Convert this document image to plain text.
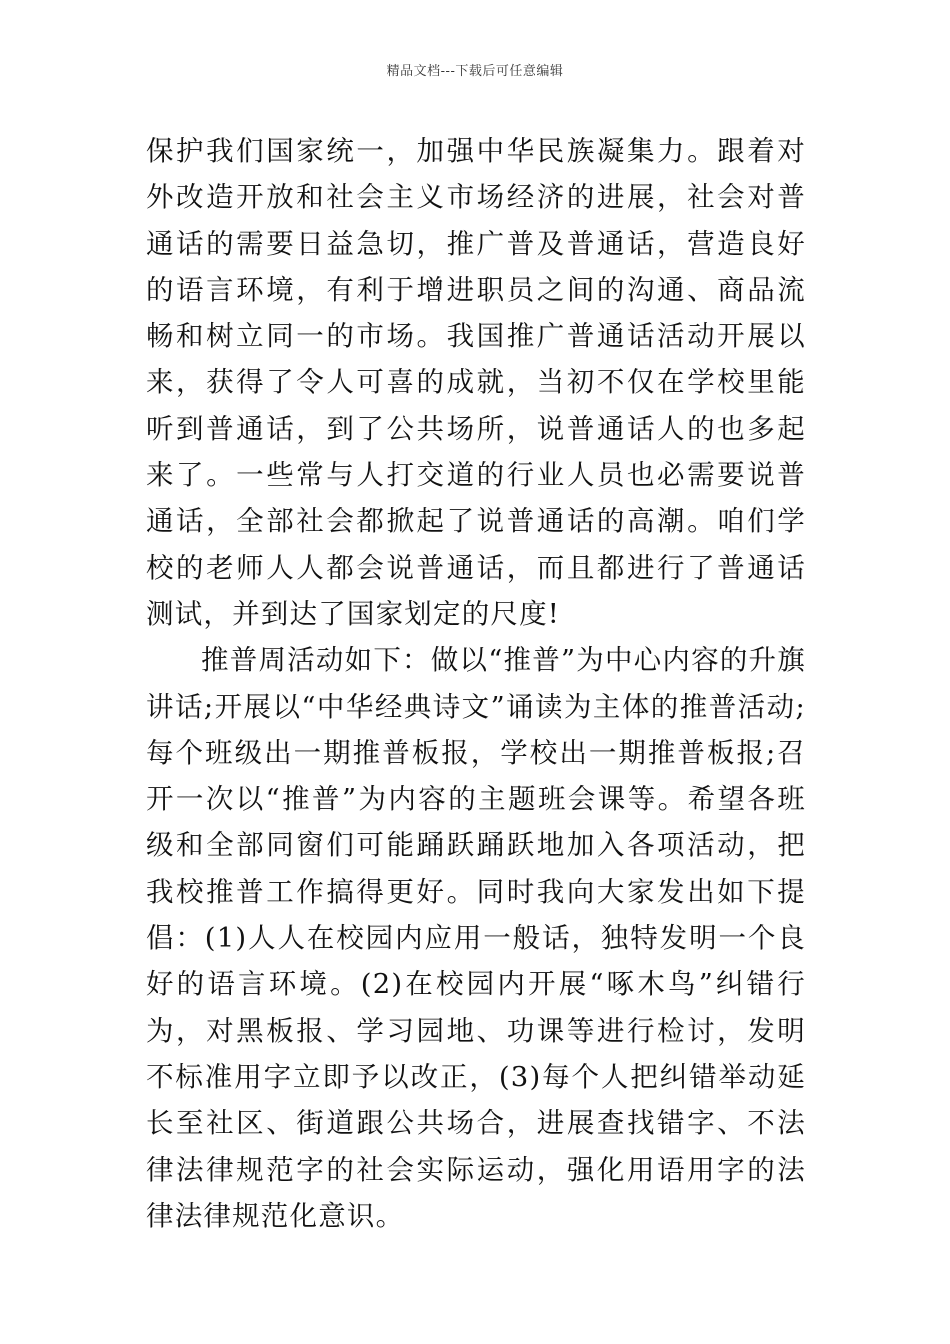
精品文档---下载后可任意编辑

保护我们国家统一，加强中华民族凝集力。跟着对外改造开放和社会主义市场经济的进展，社会对普通话的需要日益急切，推广普及普通话，营造良好的语言环境，有利于增进职员之间的沟通、商品流畅和树立同一的市场。我国推广普通话活动开展以来，获得了令人可喜的成就，当初不仅在学校里能听到普通话，到了公共场所，说普通话人的也多起来了。一些常与人打交道的行业人员也必需要说普通话，全部社会都掀起了说普通话的高潮。咱们学校的老师人人都会说普通话，而且都进行了普通话测试，并到达了国家划定的尺度!

推普周活动如下：做以“推普”为中心内容的升旗讲话;开展以“中华经典诗文”诵读为主体的推普活动;每个班级出一期推普板报，学校出一期推普板报;召开一次以“推普”为内容的主题班会课等。希望各班级和全部同窗们可能踊跃踊跃地加入各项活动，把我校推普工作搞得更好。同时我向大家发出如下提倡：(1)人人在校园内应用一般话，独特发明一个良好的语言环境。(2)在校园内开展“啄木鸟”纠错行为，对黑板报、学习园地、功课等进行检讨，发明不标准用字立即予以改正，(3)每个人把纠错举动延长至社区、街道跟公共场合，进展查找错字、不法律法律规范字的社会实际运动，强化用语用字的法律法律规范化意识。
